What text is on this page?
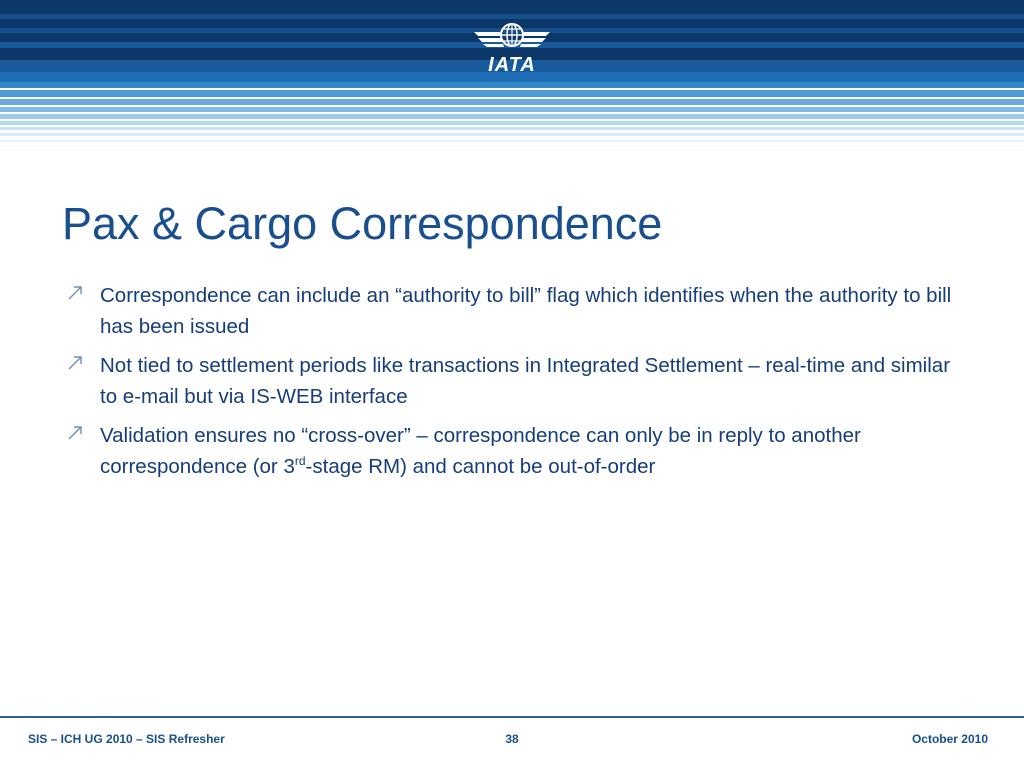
IATA
Pax & Cargo Correspondence
Correspondence can include an “authority to bill” flag which identifies when the authority to bill has been issued
Not tied to settlement periods like transactions in Integrated Settlement – real-time and similar to e-mail but via IS-WEB interface
Validation ensures no “cross-over” – correspondence can only be in reply to another correspondence (or 3rd-stage RM) and cannot be out-of-order
SIS – ICH UG 2010 – SIS Refresher	38	October 2010
